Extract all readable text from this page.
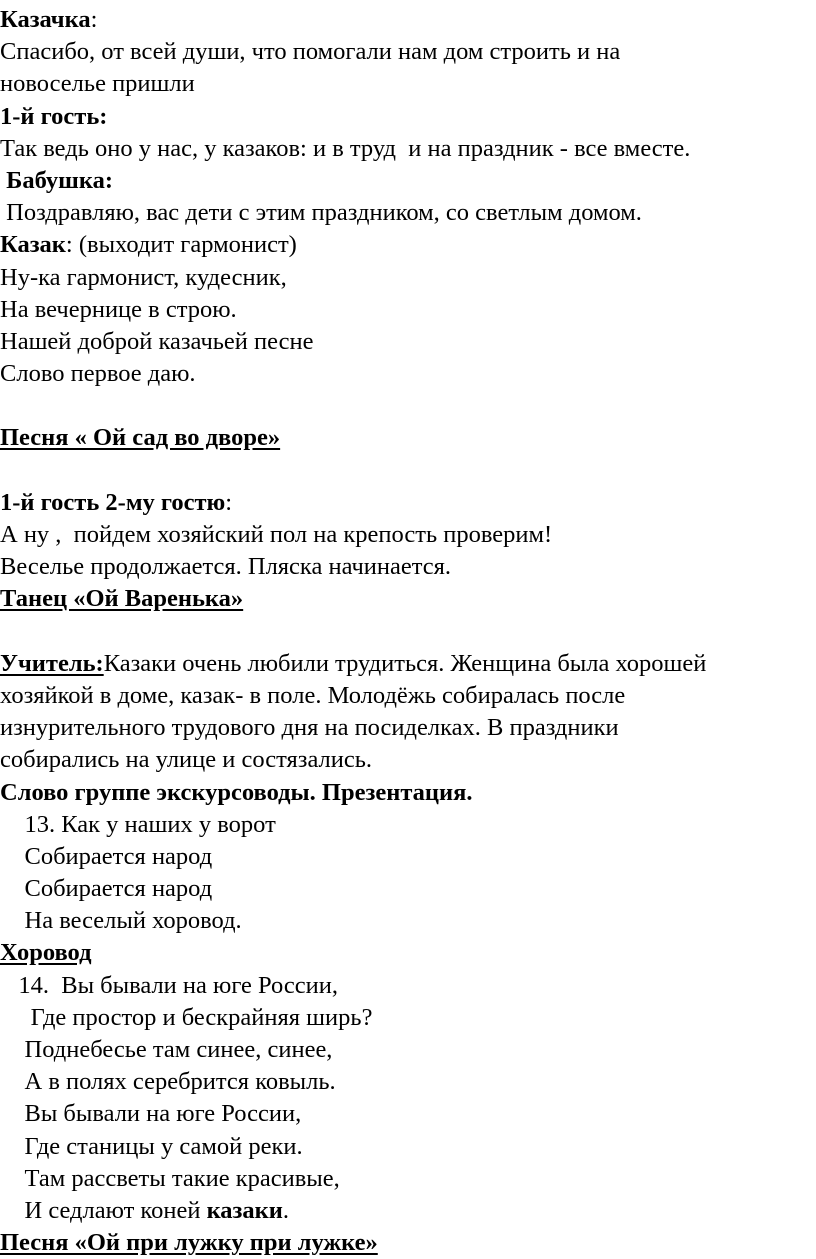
Казачка:
Спасибо, от всей души, что помогали нам дом строить и на
новоселье пришли
1-й гость:
Так ведь оно у нас, у казаков: и в труд  и на праздник - все вместе.
Бабушка:
Поздравляю, вас дети с этим праздником, со светлым домом.
Казак: (выходит гармонист)
Ну-ка гармонист, кудесник,
На вечернице в строю.
Нашей доброй казачьей песне
Слово первое даю.
Песня « Ой сад во дворе»
1-й гость 2-му гостю:
А ну ,  пойдем хозяйский пол на крепость проверим!
Веселье продолжается. Пляска начинается.
Танец «Ой Варенька»
Учитель:Казаки очень любили трудиться. Женщина была хорошей
хозяйкой в доме, казак- в поле. Молодёжь собиралась после
изнурительного трудового дня на посиделках. В праздники
собирались на улице и состязались.
Слово группе экскурсоводы. Презентация.
13. Как у наших у ворот
Собирается народ
Собирается народ
На веселый хоровод.
Хоровод
14.  Вы бывали на юге России,
Где простор и бескрайняя ширь?
Поднебесье там синее, синее,
А в полях серебрится ковыль.
Вы бывали на юге России,
Где станицы у самой реки.
Там рассветы такие красивые,
И седлают коней казаки.
Песня «Ой при лужку при лужке»
